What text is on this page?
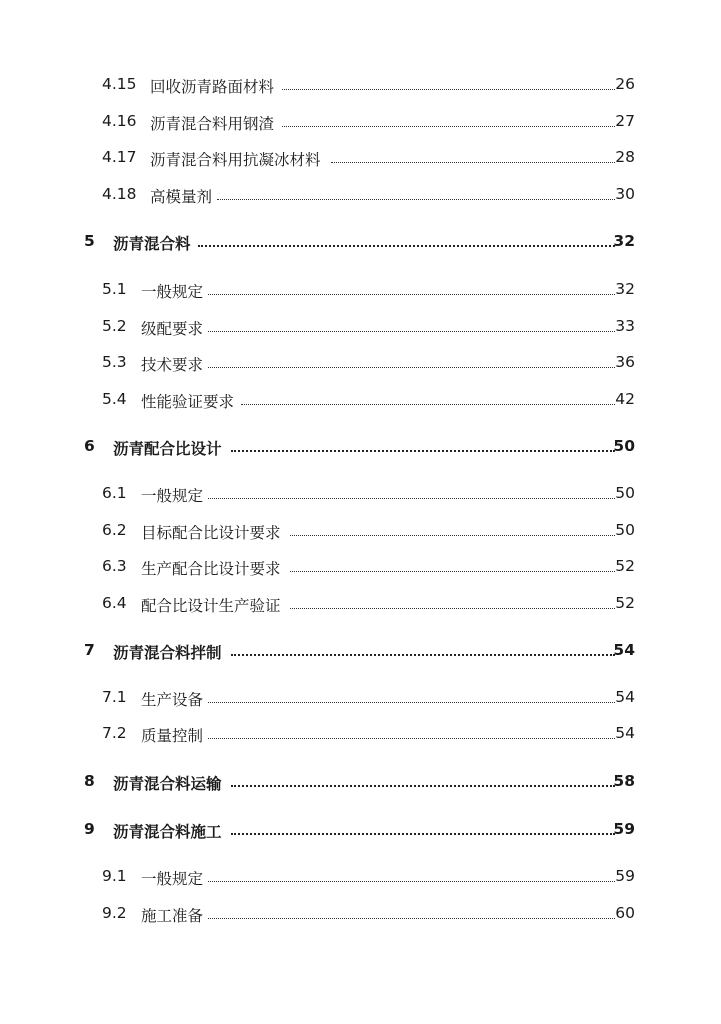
4.15 回收沥青路面材料	26
4.16 沥青混合料用钢渣	27
4.17 沥青混合料用抗凝冰材料	28
4.18 高模量剂	30
5 沥青混合料	32
5.1 一般规定	32
5.2 级配要求	33
5.3 技术要求	36
5.4 性能验证要求	42
6 沥青配合比设计	50
6.1 一般规定	50
6.2 目标配合比设计要求	50
6.3 生产配合比设计要求	52
6.4 配合比设计生产验证	52
7 沥青混合料拌制	54
7.1 生产设备	54
7.2 质量控制	54
8 沥青混合料运输	58
9 沥青混合料施工	59
9.1 一般规定	59
9.2 施工准备	60
